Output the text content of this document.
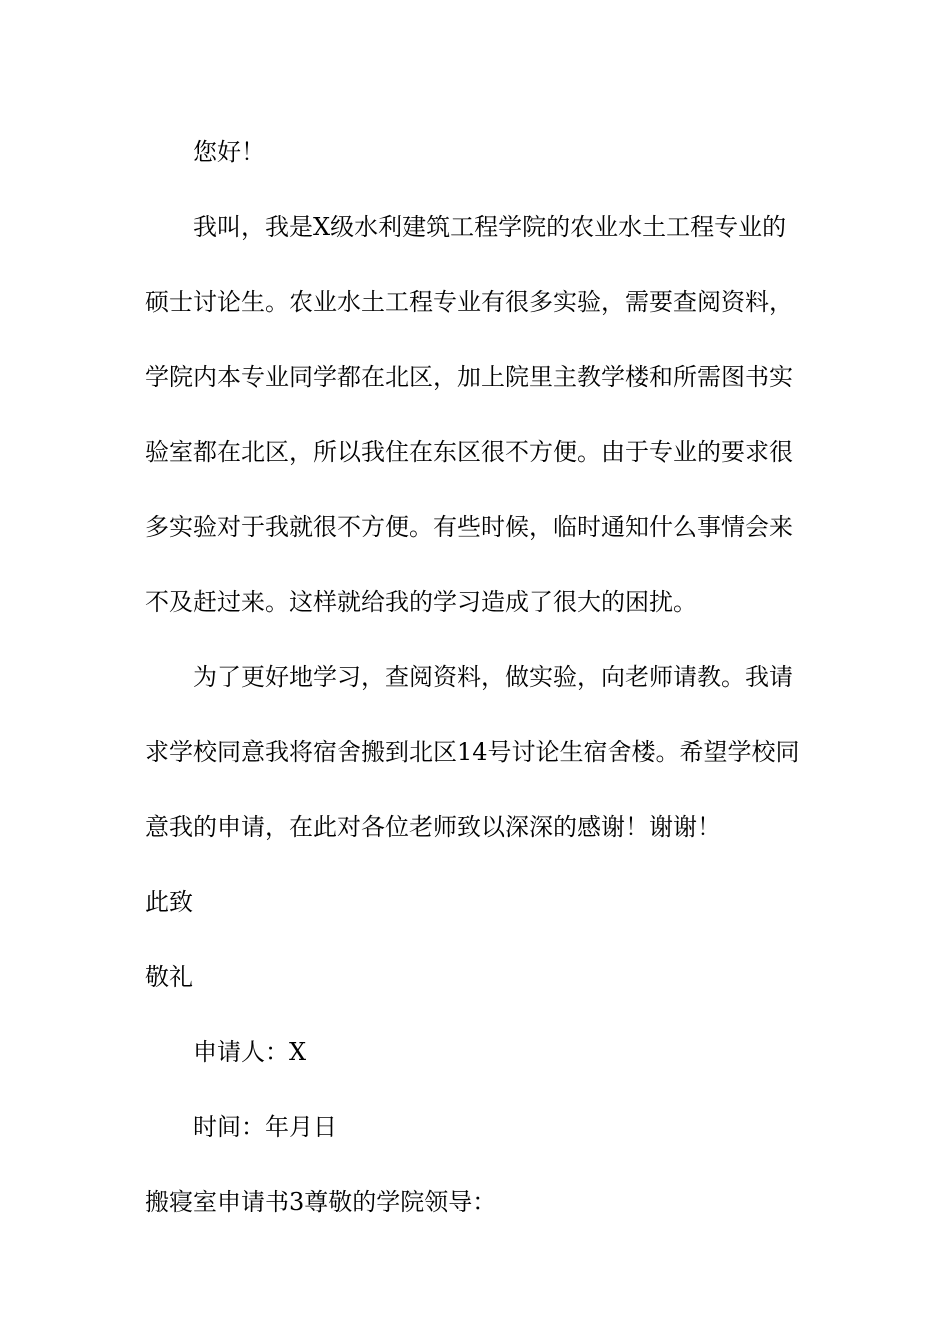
您好！
我叫，我是X级水利建筑工程学院的农业水土工程专业的
硕士讨论生。农业水土工程专业有很多实验，需要查阅资料，
学院内本专业同学都在北区，加上院里主教学楼和所需图书实
验室都在北区，所以我住在东区很不方便。由于专业的要求很
多实验对于我就很不方便。有些时候，临时通知什么事情会来
不及赶过来。这样就给我的学习造成了很大的困扰。
为了更好地学习，查阅资料，做实验，向老师请教。我请
求学校同意我将宿舍搬到北区14号讨论生宿舍楼。希望学校同
意我的申请，在此对各位老师致以深深的感谢！谢谢！
此致
敬礼
申请人：X
时间：年月日
搬寝室申请书3尊敬的学院领导：
